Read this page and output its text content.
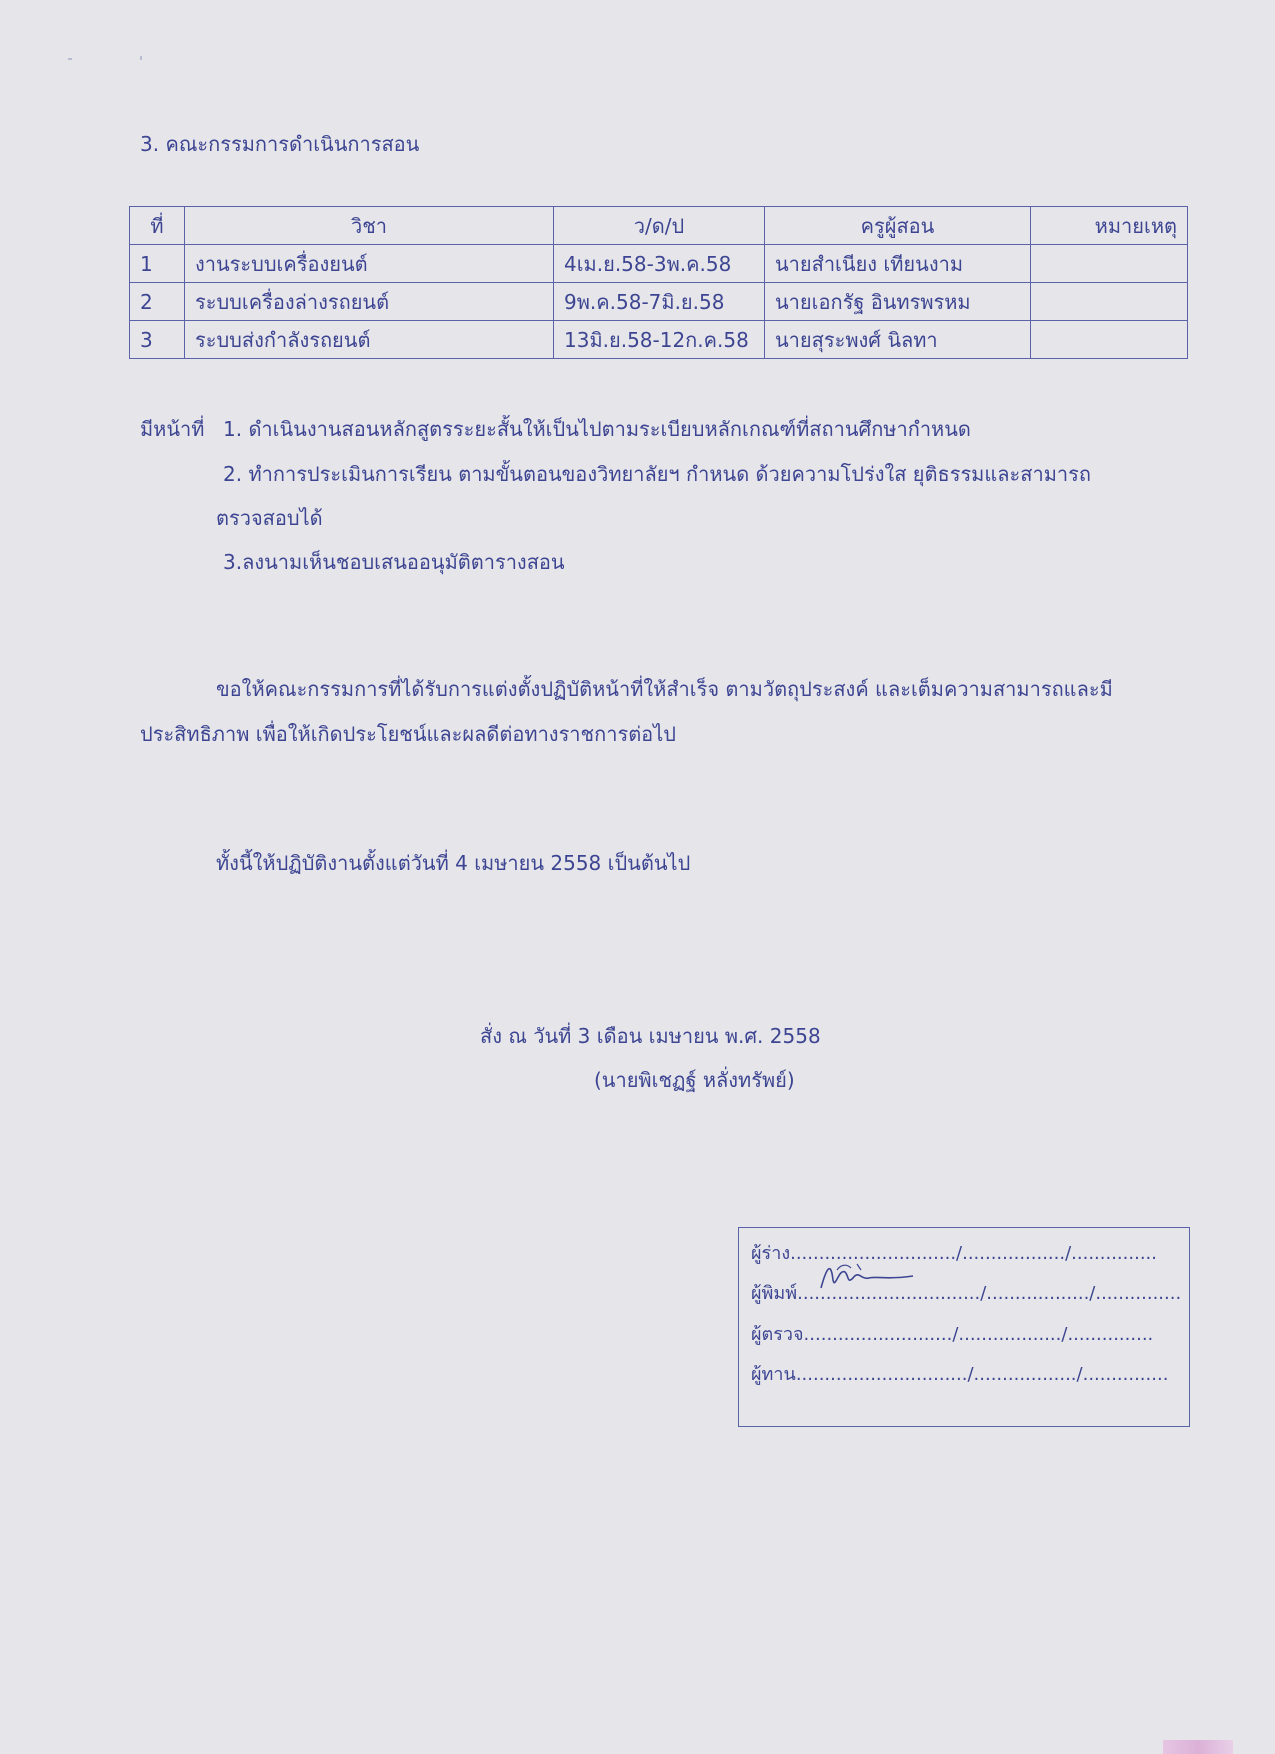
3. คณะกรรมการดำเนินการสอน
ที่	วิชา	ว/ด/ป	ครูผู้สอน	หมายเหตุ
1	งานระบบเครื่องยนต์	4เม.ย.58-3พ.ค.58	นายสำเนียง เทียนงาม	
2	ระบบเครื่องล่างรถยนต์	9พ.ค.58-7มิ.ย.58	นายเอกรัฐ อินทรพรหม	
3	ระบบส่งกำลังรถยนต์	13มิ.ย.58-12ก.ค.58	นายสุระพงศ์ นิลทา	
มีหน้าที่ 1. ดำเนินงานสอนหลักสูตรระยะสั้นให้เป็นไปตามระเบียบหลักเกณฑ์ที่สถานศึกษากำหนด
2. ทำการประเมินการเรียน ตามขั้นตอนของวิทยาลัยฯ กำหนด ด้วยความโปร่งใส ยุติธรรมและสามารถ
ตรวจสอบได้
3.ลงนามเห็นชอบเสนออนุมัติตารางสอน
ขอให้คณะกรรมการที่ได้รับการแต่งตั้งปฏิบัติหน้าที่ให้สำเร็จ ตามวัตถุประสงค์ และเต็มความสามารถและมี
ประสิทธิภาพ เพื่อให้เกิดประโยชน์และผลดีต่อทางราชการต่อไป
ทั้งนี้ให้ปฏิบัติงานตั้งแต่วันที่ 4 เมษายน 2558 เป็นต้นไป
สั่ง ณ วันที่ 3 เดือน เมษายน พ.ศ. 2558
(นายพิเชฏฐ์ หลั่งทรัพย์)
ผู้ร่าง............................./................../...............
ผู้พิมพ์................................/................../...............
ผู้ตรวจ........................../................../...............
ผู้ทาน............................../................../...............
